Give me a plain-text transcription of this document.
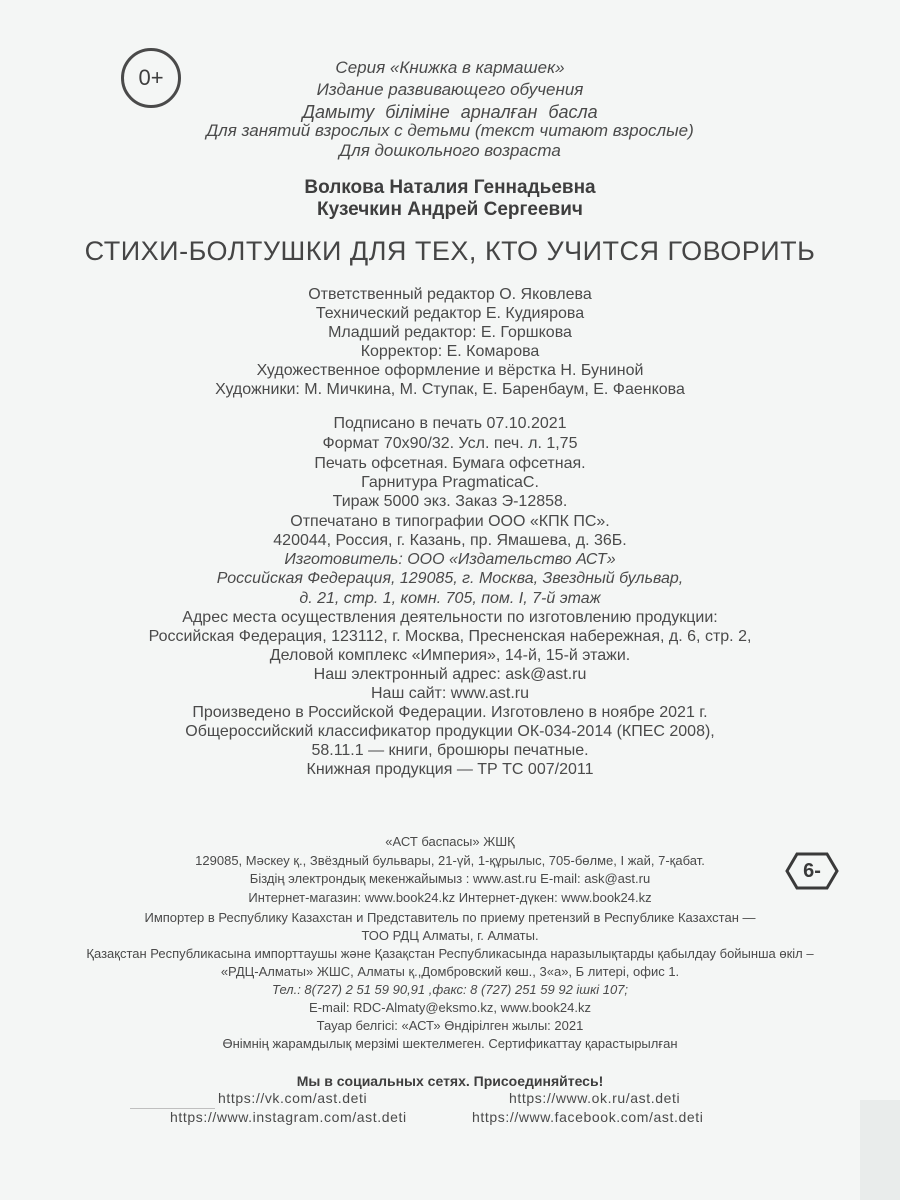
0+	Серия «Книжка в кармашек»
Издание развивающего обучения
Дамыту білімінe арналған басла
Для занятий взрослых с детьми (текст читают взрослые)
Для дошкольного возраста
Волкова Наталия Геннадьевна
Кузечкин Андрей Сергеевич
СТИХИ-БОЛТУШКИ ДЛЯ ТЕХ, КТО УЧИТСЯ ГОВОРИТЬ
Ответственный редактор О. Яковлева
Технический редактор Е. Кудиярова
Младший редактор: Е. Горшкова
Корректор: Е. Комарова
Художественное оформление и вёрстка Н. Буниной
Художники: М. Мичкина, М. Ступак, Е. Баренбаум, Е. Фаенкова
Подписано в печать 07.10.2021
Формат 70x90/32. Усл. печ. л. 1,75
Печать офсетная. Бумага офсетная.
Гарнитура PragmaticaC.
Тираж 5000 экз. Заказ Э-12858.
Отпечатано в типографии ООО «КПК ПС».
420044, Россия, г. Казань, пр. Ямашева, д. 36Б.
Изготовитель: ООО «Издательство АСТ»
Российская Федерация, 129085, г. Москва, Звездный бульвар,
д. 21, стр. 1, комн. 705, пом. I, 7-й этаж
Адрес места осуществления деятельности по изготовлению продукции:
Российская Федерация, 123112, г. Москва, Пресненская набережная, д. 6, стр. 2,
Деловой комплекс «Империя», 14-й, 15-й этажи.
Наш электронный адрес: ask@ast.ru
Наш сайт: www.ast.ru
Произведено в Российской Федерации. Изготовлено в ноябре 2021 г.
Общероссийский классификатор продукции ОК-034-2014 (КПЕС 2008),
58.11.1 — книги, брошюры печатные.
Книжная продукция — ТР ТС 007/2011
«АСТ баспасы» ЖШҚ
129085, Мәскеу қ., Звёздный бульвары, 21-үй, 1-құрылыс, 705-бөлме, I жай, 7-қабат.
Біздің электрондық мекенжайымыз : www.ast.ru E-mail: ask@ast.ru
Интернет-магазин: www.book24.kz Интернет-дүкен: www.book24.kz
Импортер в Республику Казахстан и Представитель по приему претензий в Республике Казахстан —
ТОО РДЦ Алматы, г. Алматы.
Қазақстан Республикасына импорттаушы және Қазақстан Республикасында наразылықтарды қабылдау бойынша өкіл –
«РДЦ-Алматы» ЖШС, Алматы қ.,Домбровский көш., 3«а», Б литерi, офис 1.
Тел.: 8(727) 2 51 59 90,91 ,факс: 8 (727) 251 59 92 ішкі 107;
E-mail: RDC-Almaty@eksmo.kz, www.book24.kz
Тауар белгісі: «АСТ» Өндірілген жылы: 2021
Өнімнің жарамдылық мерзімі шектелмеген. Сертификаттау қарастырылған
6-
Мы в социальных сетях. Присоединяйтесь!
https://vk.com/ast.deti	https://www.ok.ru/ast.deti
https://www.instagram.com/ast.deti	https://www.facebook.com/ast.deti
